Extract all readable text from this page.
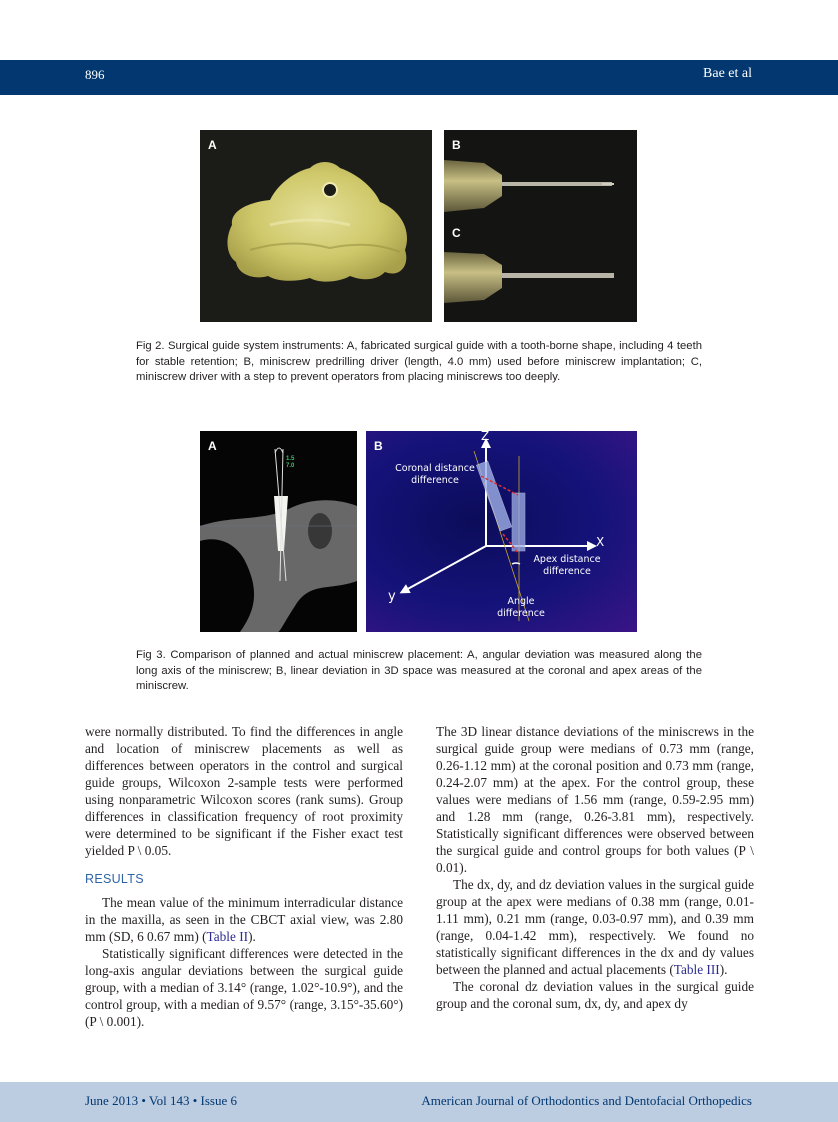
896	Bae et al
A	B
C
Fig 2. Surgical guide system instruments: A, fabricated surgical guide with a tooth-borne shape, including 4 teeth for stable retention; B, miniscrew predrilling driver (length, 4.0 mm) used before miniscrew implantation; C, miniscrew driver with a step to prevent operators from placing miniscrews too deeply.
A
1.5
7.0
B
Z
X
y
Coronal distance
difference
Apex distance
difference
Angle
difference
Fig 3. Comparison of planned and actual miniscrew placement: A, angular deviation was measured along the long axis of the miniscrew; B, linear deviation in 3D space was measured at the coronal and apex areas of the miniscrew.

were normally distributed. To find the differences in angle and location of miniscrew placements as well as differences between operators in the control and surgical guide groups, Wilcoxon 2-sample tests were performed using nonparametric Wilcoxon scores (rank sums). Group differences in classification frequency of root proximity were determined to be significant if the Fisher exact test yielded P \ 0.05.

RESULTS

The mean value of the minimum interradicular distance in the maxilla, as seen in the CBCT axial view, was 2.80 mm (SD, 6 0.67 mm) (Table II).

Statistically significant differences were detected in the long-axis angular deviations between the surgical guide group, with a median of 3.14° (range, 1.02°-10.9°), and the control group, with a median of 9.57° (range, 3.15°-35.60°) (P \ 0.001).

The 3D linear distance deviations of the miniscrews in the surgical guide group were medians of 0.73 mm (range, 0.26-1.12 mm) at the coronal position and 0.73 mm (range, 0.24-2.07 mm) at the apex. For the control group, these values were medians of 1.56 mm (range, 0.59-2.95 mm) and 1.28 mm (range, 0.26-3.81 mm), respectively. Statistically significant differences were observed between the surgical guide and control groups for both values (P \ 0.01).

The dx, dy, and dz deviation values in the surgical guide group at the apex were medians of 0.38 mm (range, 0.01-1.11 mm), 0.21 mm (range, 0.03-0.97 mm), and 0.39 mm (range, 0.04-1.42 mm), respectively. We found no statistically significant differences in the dx and dy values between the planned and actual placements (Table III).

The coronal dz deviation values in the surgical guide group and the coronal sum, dx, dy, and apex dy

June 2013 • Vol 143 • Issue 6	American Journal of Orthodontics and Dentofacial Orthopedics
